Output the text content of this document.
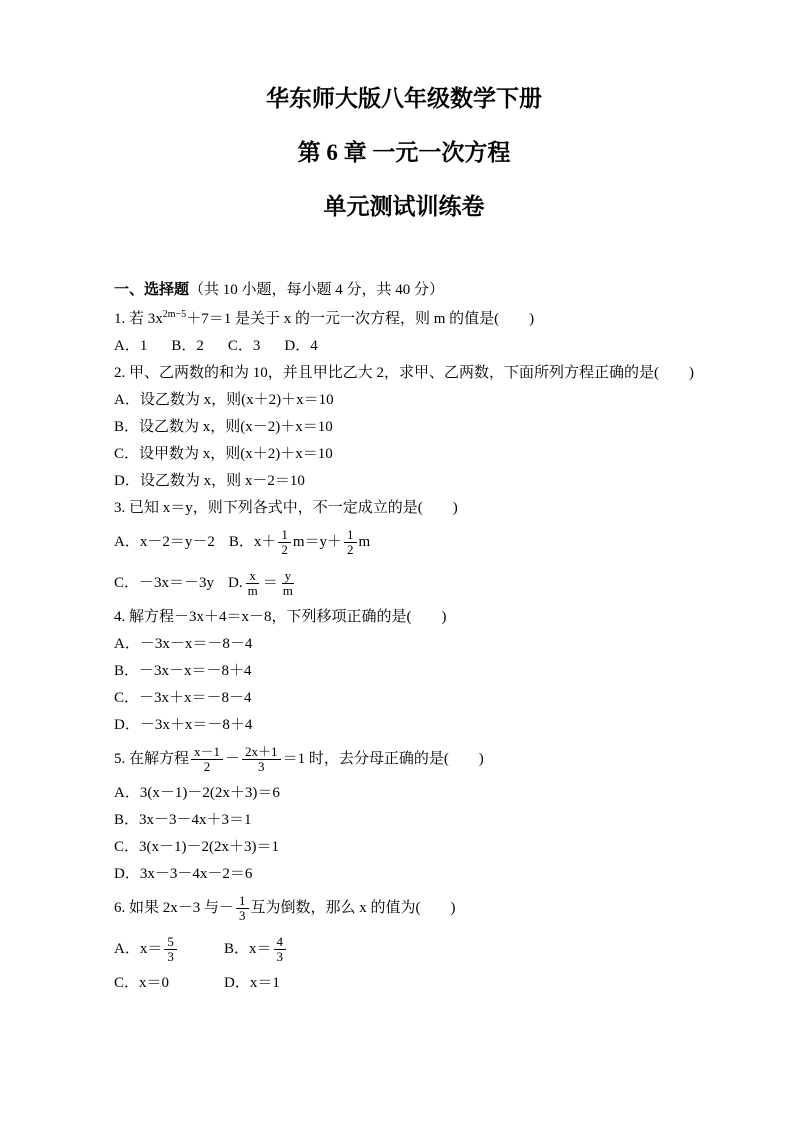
华东师大版八年级数学下册
第 6 章 一元一次方程
单元测试训练卷
一、选择题（共 10 小题，每小题 4 分，共 40 分）
1. 若 $3x^{2m-5}+7=1$ 是关于 x 的一元一次方程，则 m 的值是(　　)
A．1 B．2 C．3 D．4
2. 甲、乙两数的和为 10，并且甲比乙大 2，求甲、乙两数，下面所列方程正确的是(　　)
A．设乙数为 x，则(x＋2)＋x＝10
B．设乙数为 x，则(x－2)＋x＝10
C．设甲数为 x，则(x＋2)＋x＝10
D．设乙数为 x，则 x－2＝10
3. 已知 x＝y，则下列各式中，不一定成立的是(　　)
A．x－2＝y－2 B．$x+ \frac{1}{2} m=y+ \frac{1}{2}$ m
C．－3x＝－3y D. $\frac{x}{m} = \frac{y}{m}$
4. 解方程－3x＋4＝x－8，下列移项正确的是(　　)
A．－3x－x＝－8－4
B．－3x－x＝－8＋4
C．－3x＋x＝－8－4
D．－3x＋x＝－8＋4
5. 在解方程 $\frac{x-1}{2} - \frac{2x+1}{3} =1$ 时，去分母正确的是(　　)
A．3(x－1)－2(2x＋3)＝6
B．3x－3－4x＋3＝1
C．3(x－1)－2(2x＋3)＝1
D．3x－3－4x－2＝6
6. 如果 2x－3 与－ $\frac{1}{3}$ 互为倒数，那么 x 的值为(　　)
A．$x= \frac{5}{3}$	B．$x= \frac{4}{3}$
C．x＝0	D．x＝1
